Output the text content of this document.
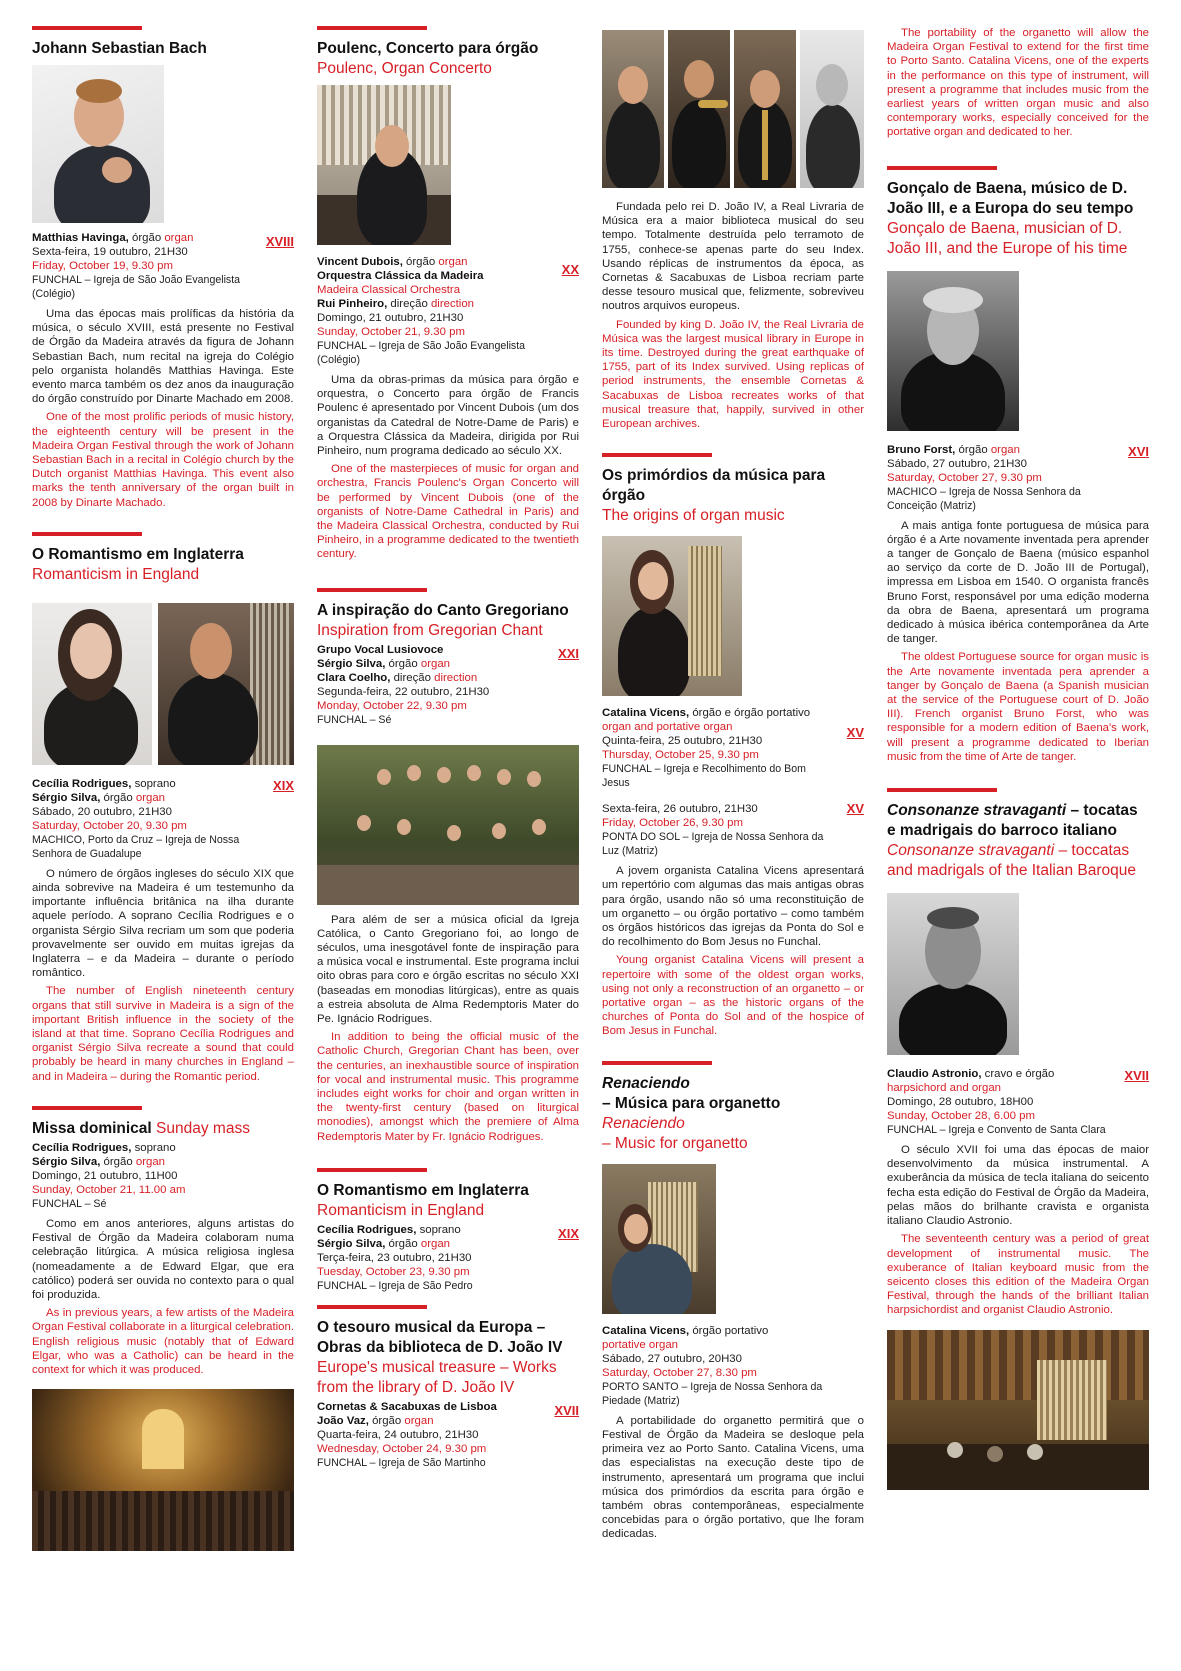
Johann Sebastian Bach
XVIII
Matthias Havinga, órgão organ
Sexta-feira, 19 outubro, 21H30
Friday, October 19, 9.30 pm
FUNCHAL – Igreja de São João Evangelista (Colégio)
Uma das épocas mais prolíficas da história da música, o século XVIII, está presente no Festival de Órgão da Madeira através da figura de Johann Sebastian Bach, num recital na igreja do Colégio pelo organista holandês Matthias Havinga. Este evento marca também os dez anos da inauguração do órgão construído por Dinarte Machado em 2008.
One of the most prolific periods of music history, the eighteenth century will be present in the Madeira Organ Festival through the work of Johann Sebastian Bach in a recital in Colégio church by the Dutch organist Matthias Havinga. This event also marks the tenth anniversary of the organ built in 2008 by Dinarte Machado.
O Romantismo em Inglaterra
Romanticism in England
XIX
Cecília Rodrigues, soprano
Sérgio Silva, órgão organ
Sábado, 20 outubro, 21H30
Saturday, October 20, 9.30 pm
MACHICO, Porto da Cruz – Igreja de Nossa Senhora de Guadalupe
O número de órgãos ingleses do século XIX que ainda sobrevive na Madeira é um testemunho da importante influência britânica na ilha durante aquele período. A soprano Cecília Rodrigues e o organista Sérgio Silva recriam um som que poderia provavelmente ser ouvido em muitas igrejas da Inglaterra – e da Madeira – durante o período romântico.
The number of English nineteenth century organs that still survive in Madeira is a sign of the important British influence in the society of the island at that time. Soprano Cecília Rodrigues and organist Sérgio Silva recreate a sound that could probably be heard in many churches in England – and in Madeira – during the Romantic period.
Missa dominical Sunday mass
Cecília Rodrigues, soprano
Sérgio Silva, órgão organ
Domingo, 21 outubro, 11H00
Sunday, October 21, 11.00 am
FUNCHAL – Sé
Como em anos anteriores, alguns artistas do Festival de Órgão da Madeira colaboram numa celebração litúrgica. A música religiosa inglesa (nomeadamente a de Edward Elgar, que era católico) poderá ser ouvida no contexto para o qual foi produzida.
As in previous years, a few artists of the Madeira Organ Festival collaborate in a liturgical celebration. English religious music (notably that of Edward Elgar, who was a Catholic) can be heard in the context for which it was produced.
Poulenc, Concerto para órgão
Poulenc, Organ Concerto
XX
Vincent Dubois, órgão organ
Orquestra Clássica da Madeira
Madeira Classical Orchestra
Rui Pinheiro, direção direction
Domingo, 21 outubro, 21H30
Sunday, October 21, 9.30 pm
FUNCHAL – Igreja de São João Evangelista (Colégio)
Uma da obras-primas da música para órgão e orquestra, o Concerto para órgão de Francis Poulenc é apresentado por Vincent Dubois (um dos organistas da Catedral de Notre-Dame de Paris) e a Orquestra Clássica da Madeira, dirigida por Rui Pinheiro, num programa dedicado ao século XX.
One of the masterpieces of music for organ and orchestra, Francis Poulenc's Organ Concerto will be performed by Vincent Dubois (one of the organists of Notre-Dame Cathedral in Paris) and the Madeira Classical Orchestra, conducted by Rui Pinheiro, in a programme dedicated to the twentieth century.
A inspiração do Canto Gregoriano Inspiration from Gregorian Chant
XXI
Grupo Vocal Lusiovoce
Sérgio Silva, órgão organ
Clara Coelho, direção direction
Segunda-feira, 22 outubro, 21H30
Monday, October 22, 9.30 pm
FUNCHAL – Sé
Para além de ser a música oficial da Igreja Católica, o Canto Gregoriano foi, ao longo de séculos, uma inesgotável fonte de inspiração para a música vocal e instrumental. Este programa inclui oito obras para coro e órgão escritas no século XXI (baseadas em monodias litúrgicas), entre as quais a estreia absoluta de Alma Redemptoris Mater do Pe. Ignácio Rodrigues.
In addition to being the official music of the Catholic Church, Gregorian Chant has been, over the centuries, an inexhaustible source of inspiration for vocal and instrumental music. This programme includes eight works for choir and organ written in the twenty-first century (based on liturgical monodies), amongst which the premiere of Alma Redemptoris Mater by Fr. Ignácio Rodrigues.
O Romantismo em Inglaterra
Romanticism in England
XIX
Cecília Rodrigues, soprano
Sérgio Silva, órgão organ
Terça-feira, 23 outubro, 21H30
Tuesday, October 23, 9.30 pm
FUNCHAL – Igreja de São Pedro
O tesouro musical da Europa – Obras da biblioteca de D. João IV
Europe's musical treasure – Works from the library of D. João IV
XVII
Cornetas & Sacabuxas de Lisboa
João Vaz, órgão organ
Quarta-feira, 24 outubro, 21H30
Wednesday, October 24, 9.30 pm
FUNCHAL – Igreja de São Martinho
Fundada pelo rei D. João IV, a Real Livraria de Música era a maior biblioteca musical do seu tempo. Totalmente destruída pelo terramoto de 1755, conhece-se apenas parte do seu Index. Usando réplicas de instrumentos da época, as Cornetas & Sacabuxas de Lisboa recriam parte desse tesouro musical que, felizmente, sobreviveu noutros arquivos europeus.
Founded by king D. João IV, the Real Livraria de Música was the largest musical library in Europe in its time. Destroyed during the great earthquake of 1755, part of its Index survived. Using replicas of period instruments, the ensemble Cornetas & Sacabuxas de Lisboa recreates works of that musical treasure that, happily, survived in other European archives.
Os primórdios da música para órgão
The origins of organ music
XV
Catalina Vicens, órgão e órgão portativo
organ and portative organ
Quinta-feira, 25 outubro, 21H30
Thursday, October 25, 9.30 pm
FUNCHAL – Igreja e Recolhimento do Bom Jesus
XV
Sexta-feira, 26 outubro, 21H30
Friday, October 26, 9.30 pm
PONTA DO SOL – Igreja de Nossa Senhora da Luz (Matriz)
A jovem organista Catalina Vicens apresentará um repertório com algumas das mais antigas obras para órgão, usando não só uma reconstituição de um organetto – ou órgão portativo – como também os órgãos históricos das igrejas da Ponta do Sol e do recolhimento do Bom Jesus no Funchal.
Young organist Catalina Vicens will present a repertoire with some of the oldest organ works, using not only a reconstruction of an organetto – or portative organ – as the historic organs of the churches of Ponta do Sol and of the hospice of Bom Jesus in Funchal.
Renaciendo
– Música para organetto
Renaciendo
– Music for organetto
Catalina Vicens, órgão portativo
portative organ
Sábado, 27 outubro, 20H30
Saturday, October 27, 8.30 pm
PORTO SANTO – Igreja de Nossa Senhora da Piedade (Matriz)
A portabilidade do organetto permitirá que o Festival de Órgão da Madeira se desloque pela primeira vez ao Porto Santo. Catalina Vicens, uma das especialistas na execução deste tipo de instrumento, apresentará um programa que inclui música dos primórdios da escrita para órgão e também obras contemporâneas, especialmente concebidas para o órgão portativo, que lhe foram dedicadas.
The portability of the organetto will allow the Madeira Organ Festival to extend for the first time to Porto Santo. Catalina Vicens, one of the experts in the performance on this type of instrument, will present a programme that includes music from the earliest years of written organ music and also contemporary works, especially conceived for the portative organ and dedicated to her.
Gonçalo de Baena, músico de D. João III, e a Europa do seu tempo Gonçalo de Baena, musician of D. João III, and the Europe of his time
XVI
Bruno Forst, órgão organ
Sábado, 27 outubro, 21H30
Saturday, October 27, 9.30 pm
MACHICO – Igreja de Nossa Senhora da Conceição (Matriz)
A mais antiga fonte portuguesa de música para órgão é a Arte novamente inventada pera aprender a tanger de Gonçalo de Baena (músico espanhol ao serviço da corte de D. João III de Portugal), impressa em Lisboa em 1540. O organista francês Bruno Forst, responsável por uma edição moderna da obra de Baena, apresentará um programa dedicado à música ibérica contemporânea da Arte de tanger.
The oldest Portuguese source for organ music is the Arte novamente inventada pera aprender a tanger by Gonçalo de Baena (a Spanish musician at the service of the Portuguese court of D. João III). French organist Bruno Forst, who was responsible for a modern edition of Baena's work, will present a programme dedicated to Iberian music from the time of Arte de tanger.
Consonanze stravaganti – tocatas e madrigais do barroco italiano Consonanze stravaganti – toccatas and madrigals of the Italian Baroque
XVII
Claudio Astronio, cravo e órgão
harpsichord and organ
Domingo, 28 outubro, 18H00
Sunday, October 28, 6.00 pm
FUNCHAL – Igreja e Convento de Santa Clara
O século XVII foi uma das épocas de maior desenvolvimento da música instrumental. A exuberância da música de tecla italiana do seicento fecha esta edição do Festival de Órgão da Madeira, pelas mãos do brilhante cravista e organista italiano Claudio Astronio.
The seventeenth century was a period of great development of instrumental music. The exuberance of Italian keyboard music from the seicento closes this edition of the Madeira Organ Festival, through the hands of the brilliant Italian harpsichordist and organist Claudio Astronio.
